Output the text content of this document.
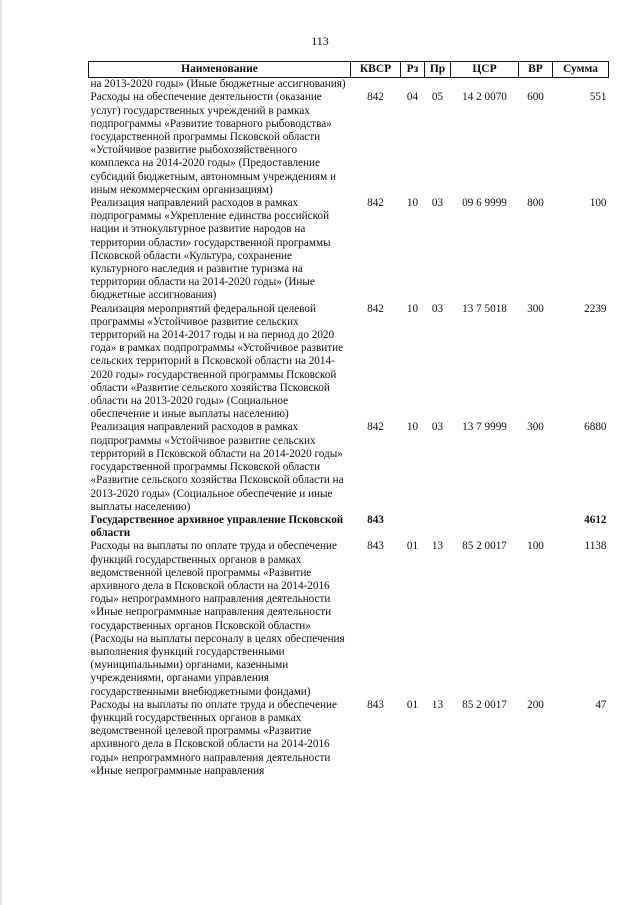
113
Наименование	КВСР	Рз	Пр	ЦСР	ВР	Сумма
на 2013-2020 годы» (Иные бюджетные ассигнования)						
Расходы на обеспечение деятельности (оказание услуг) государственных учреждений в рамках подпрограммы «Развитие товарного рыбоводства» государственной программы Псковской области «Устойчивое развитие рыбохозяйственного комплекса на 2014-2020 годы» (Предоставление субсидий бюджетным, автономным учреждениям и иным некоммерческим организациям)	842	04	05	14 2 0070	600	551
Реализация направлений расходов в рамках подпрограммы «Укрепление единства российской нации и этнокультурное развитие народов на территории области» государственной программы Псковской области «Культура, сохранение культурного наследия и развитие туризма на территории области на 2014-2020 годы» (Иные бюджетные ассигнования)	842	10	03	09 6 9999	800	100
Реализация мероприятий федеральной целевой программы «Устойчивое развитие сельских территорий на 2014-2017 годы и на период до 2020 года» в рамках подпрограммы «Устойчивое развитие сельских территорий в Псковской области на 2014-2020 годы» государственной программы Псковской области «Развитие сельского хозяйства Псковской области на 2013-2020 годы» (Социальное обеспечение и иные выплаты населению)	842	10	03	13 7 5018	300	2239
Реализация направлений расходов в рамках подпрограммы «Устойчивое развитие сельских территорий в Псковской области на 2014-2020 годы» государственной программы Псковской области «Развитие сельского хозяйства Псковской области на 2013-2020 годы» (Социальное обеспечение и иные выплаты населению)	842	10	03	13 7 9999	300	6880
Государственное архивное управление Псковской области	843					4612
Расходы на выплаты по оплате труда и обеспечение функций государственных органов в рамках ведомственной целевой программы «Развитие архивного дела в Псковской области на 2014-2016 годы» непрограммного направления деятельности «Иные непрограммные направления деятельности государственных органов Псковской области» (Расходы на выплаты персоналу в целях обеспечения выполнения функций государственными (муниципальными) органами, казенными учреждениями, органами управления государственными внебюджетными фондами)	843	01	13	85 2 0017	100	1138
Расходы на выплаты по оплате труда и обеспечение функций государственных органов в рамках ведомственной целевой программы «Развитие архивного дела в Псковской области на 2014-2016 годы» непрограммного направления деятельности «Иные непрограммные направления	843	01	13	85 2 0017	200	47
